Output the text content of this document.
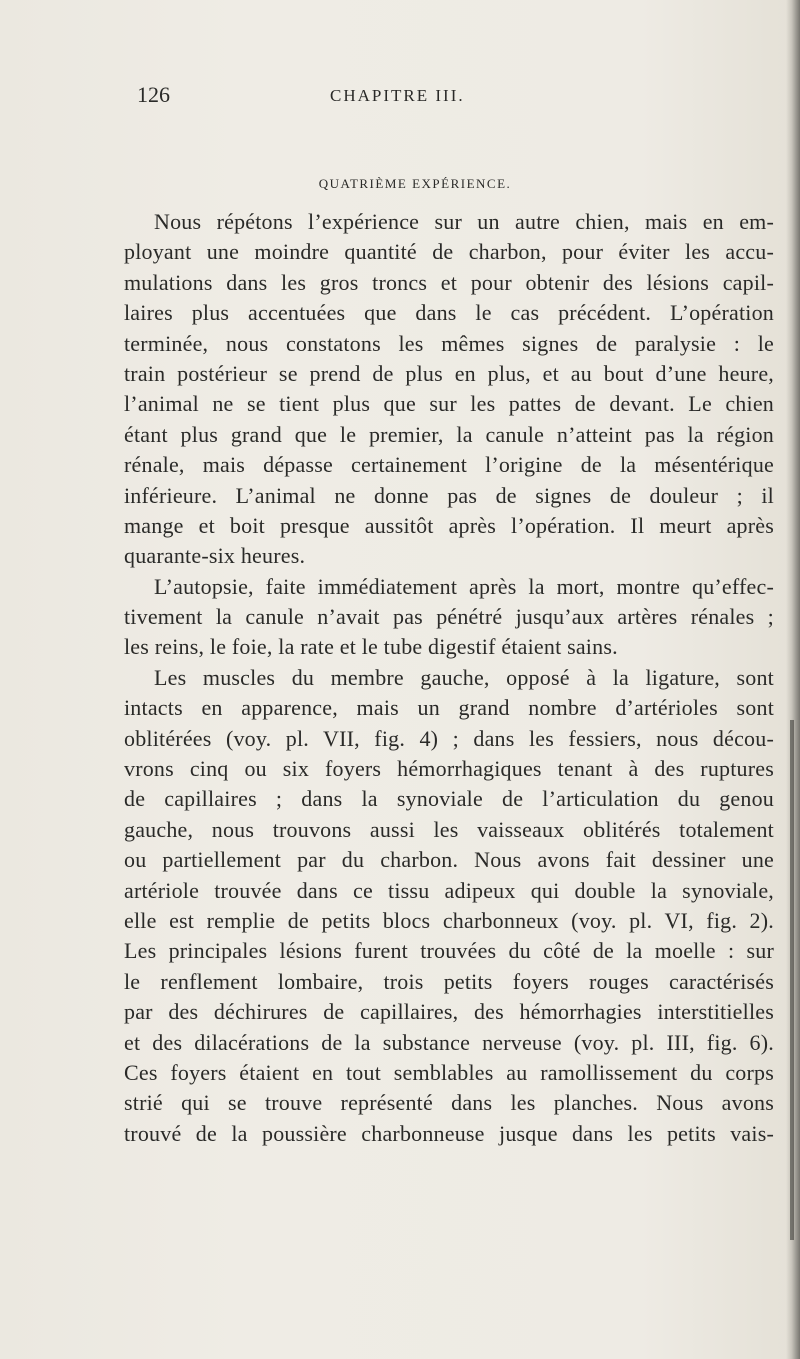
126	CHAPITRE III.
QUATRIÈME EXPÉRIENCE.
Nous répétons l’expérience sur un autre chien, mais en em-
ployant une moindre quantité de charbon, pour éviter les accu-
mulations dans les gros troncs et pour obtenir des lésions capil-
laires plus accentuées que dans le cas précédent. L’opération
terminée, nous constatons les mêmes signes de paralysie : le
train postérieur se prend de plus en plus, et au bout d’une heure,
l’animal ne se tient plus que sur les pattes de devant. Le chien
étant plus grand que le premier, la canule n’atteint pas la région
rénale, mais dépasse certainement l’origine de la mésentérique
inférieure. L’animal ne donne pas de signes de douleur ; il
mange et boit presque aussitôt après l’opération. Il meurt après
quarante-six heures.
L’autopsie, faite immédiatement après la mort, montre qu’effec-
tivement la canule n’avait pas pénétré jusqu’aux artères rénales ;
les reins, le foie, la rate et le tube digestif étaient sains.
Les muscles du membre gauche, opposé à la ligature, sont
intacts en apparence, mais un grand nombre d’artérioles sont
oblitérées (voy. pl. VII, fig. 4) ; dans les fessiers, nous décou-
vrons cinq ou six foyers hémorrhagiques tenant à des ruptures
de capillaires ; dans la synoviale de l’articulation du genou
gauche, nous trouvons aussi les vaisseaux oblitérés totalement
ou partiellement par du charbon. Nous avons fait dessiner une
artériole trouvée dans ce tissu adipeux qui double la synoviale,
elle est remplie de petits blocs charbonneux (voy. pl. VI, fig. 2).
Les principales lésions furent trouvées du côté de la moelle : sur
le renflement lombaire, trois petits foyers rouges caractérisés
par des déchirures de capillaires, des hémorrhagies interstitielles
et des dilacérations de la substance nerveuse (voy. pl. III, fig. 6).
Ces foyers étaient en tout semblables au ramollissement du corps
strié qui se trouve représenté dans les planches. Nous avons
trouvé de la poussière charbonneuse jusque dans les petits vais-
